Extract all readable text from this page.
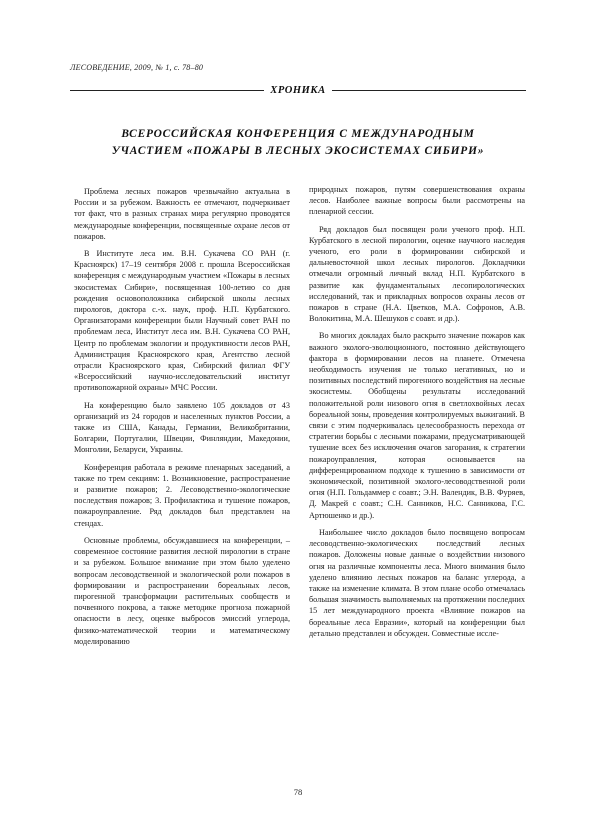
ЛЕСОВЕДЕНИЕ, 2009, № 1, с. 78–80
ХРОНИКА
ВСЕРОССИЙСКАЯ КОНФЕРЕНЦИЯ С МЕЖДУНАРОДНЫМ
УЧАСТИЕМ «ПОЖАРЫ В ЛЕСНЫХ ЭКОСИСТЕМАХ СИБИРИ»

Проблема лесных пожаров чрезвычайно актуальна в России и за рубежом. Важность ее отмечают, подчеркивает тот факт, что в разных странах мира регулярно проводятся международные конференции, посвященные охране лесов от пожаров.

В Институте леса им. В.Н. Сукачева СО РАН (г. Красноярск) 17–19 сентября 2008 г. прошла Всероссийская конференция с международным участием «Пожары в лесных экосистемах Сибири», посвященная 100-летию со дня рождения основоположника сибирской школы лесных пирологов, доктора с.-х. наук, проф. Н.П. Курбатского. Организаторами конференции были Научный совет РАН по проблемам леса, Институт леса им. В.Н. Сукачева СО РАН, Центр по проблемам экологии и продуктивности лесов РАН, Администрация Красноярского края, Агентство лесной отрасли Красноярского края, Сибирский филиал ФГУ «Всероссийский научно-исследовательский институт противопожарной охраны» МЧС России.

На конференцию было заявлено 105 докладов от 43 организаций из 24 городов и населенных пунктов России, а также из США, Канады, Германии, Великобритании, Болгарии, Португалии, Швеции, Финляндии, Македонии, Монголии, Беларуси, Украины.

Конференция работала в режиме пленарных заседаний, а также по трем секциям: 1. Возникновение, распространение и развитие пожаров; 2. Лесоводственно-экологические последствия пожаров; 3. Профилактика и тушение пожаров, пожароуправление. Ряд докладов был представлен на стендах.

Основные проблемы, обсуждавшиеся на конференции, – современное состояние развития лесной пирологии в стране и за рубежом. Большое внимание при этом было уделено вопросам лесоводственной и экологической роли пожаров в формировании и распространении бореальных лесов, пирогенной трансформации растительных сообществ и почвенного покрова, а также методике прогноза пожарной опасности в лесу, оценке выбросов эмиссий углерода, физико-математической теории и математическому моделированию

природных пожаров, путям совершенствования охраны лесов. Наиболее важные вопросы были рассмотрены на пленарной сессии.

Ряд докладов был посвящен роли ученого проф. Н.П. Курбатского в лесной пирологии, оценке научного наследия ученого, его роли в формировании сибирской и дальневосточной школ лесных пирологов. Докладчики отмечали огромный личный вклад Н.П. Курбатского в развитие как фундаментальных лесопирологических исследований, так и прикладных вопросов охраны лесов от пожаров в стране (Н.А. Цветков, М.А. Софронов, А.В. Волокитина, М.А. Шешуков с соавт. и др.).

Во многих докладах было раскрыто значение пожаров как важного эколого-эволюционного, постоянно действующего фактора в формировании лесов на планете. Отмечена необходимость изучения не только негативных, но и позитивных последствий пирогенного воздействия на лесные экосистемы. Обобщены результаты исследований положительной роли низового огня в светлохвойных лесах бореальной зоны, проведения контролируемых выжиганий. В связи с этим подчеркивалась целесообразность перехода от стратегии борьбы с лесными пожарами, предусматривающей тушение всех без исключения очагов загорания, к стратегии пожароуправления, которая основывается на дифференцированном подходе к тушению в зависимости от экономической, позитивной эколого-лесоводственной роли огня (Н.П. Гольдаммер с соавт.; Э.Н. Валендик, В.В. Фуряев, Д. Макрей с соавт.; С.Н. Санников, Н.С. Санникова, Г.С. Артюшенко и др.).

Наибольшее число докладов было посвящено вопросам лесоводственно-экологических последствий лесных пожаров. Доложены новые данные о воздействии низового огня на различные компоненты леса. Много внимания было уделено влиянию лесных пожаров на баланс углерода, а также на изменение климата. В этом плане особо отмечалась большая значимость выполняемых на протяжении последних 15 лет международного проекта «Влияние пожаров на бореальные леса Евразии», который на конференции был детально представлен и обсужден. Совместные иссле-

78
